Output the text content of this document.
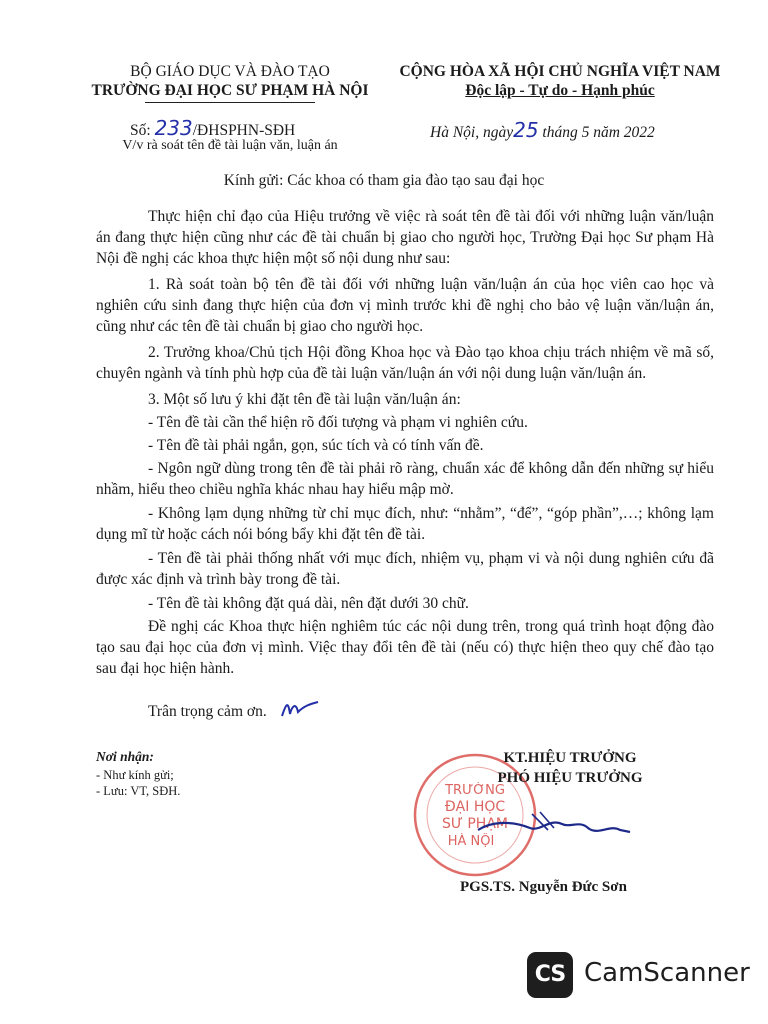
BỘ GIÁO DỤC VÀ ĐÀO TẠO
TRƯỜNG ĐẠI HỌC SƯ PHẠM HÀ NỘI
CỘNG HÒA XÃ HỘI CHỦ NGHĨA VIỆT NAM
Độc lập - Tự do - Hạnh phúc
Số: 233/ĐHSPHN-SĐH
V/v rà soát tên đề tài luận văn, luận án
Hà Nội, ngày25 tháng 5 năm 2022
Kính gửi: Các khoa có tham gia đào tạo sau đại học

Thực hiện chỉ đạo của Hiệu trưởng về việc rà soát tên đề tài đối với những luận văn/luận án đang thực hiện cũng như các đề tài chuẩn bị giao cho người học, Trường Đại học Sư phạm Hà Nội đề nghị các khoa thực hiện một số nội dung như sau:

1. Rà soát toàn bộ tên đề tài đối với những luận văn/luận án của học viên cao học và nghiên cứu sinh đang thực hiện của đơn vị mình trước khi đề nghị cho bảo vệ luận văn/luận án, cũng như các tên đề tài chuẩn bị giao cho người học.

2. Trưởng khoa/Chủ tịch Hội đồng Khoa học và Đào tạo khoa chịu trách nhiệm về mã số, chuyên ngành và tính phù hợp của đề tài luận văn/luận án với nội dung luận văn/luận án.

3. Một số lưu ý khi đặt tên đề tài luận văn/luận án:

- Tên đề tài cần thể hiện rõ đối tượng và phạm vi nghiên cứu.

- Tên đề tài phải ngắn, gọn, súc tích và có tính vấn đề.

- Ngôn ngữ dùng trong tên đề tài phải rõ ràng, chuẩn xác để không dẫn đến những sự hiểu nhầm, hiểu theo chiều nghĩa khác nhau hay hiểu mập mờ.

- Không lạm dụng những từ chỉ mục đích, như: “nhằm”, “để”, “góp phần”,…; không lạm dụng mĩ từ hoặc cách nói bóng bẩy khi đặt tên đề tài.

- Tên đề tài phải thống nhất với mục đích, nhiệm vụ, phạm vi và nội dung nghiên cứu đã được xác định và trình bày trong đề tài.

- Tên đề tài không đặt quá dài, nên đặt dưới 30 chữ.

Đề nghị các Khoa thực hiện nghiêm túc các nội dung trên, trong quá trình hoạt động đào tạo sau đại học của đơn vị mình. Việc thay đổi tên đề tài (nếu có) thực hiện theo quy chế đào tạo sau đại học hiện hành.

Trân trọng cảm ơn.
Nơi nhận:
- Như kính gửi;
- Lưu: VT, SĐH.	TRƯỜNG
ĐẠI HỌC
SƯ PHẠM
HÀ NỘI
KT.HIỆU TRƯỞNG
PHÓ HIỆU TRƯỞNG
PGS.TS. Nguyễn Đức Sơn
CS CamScanner
